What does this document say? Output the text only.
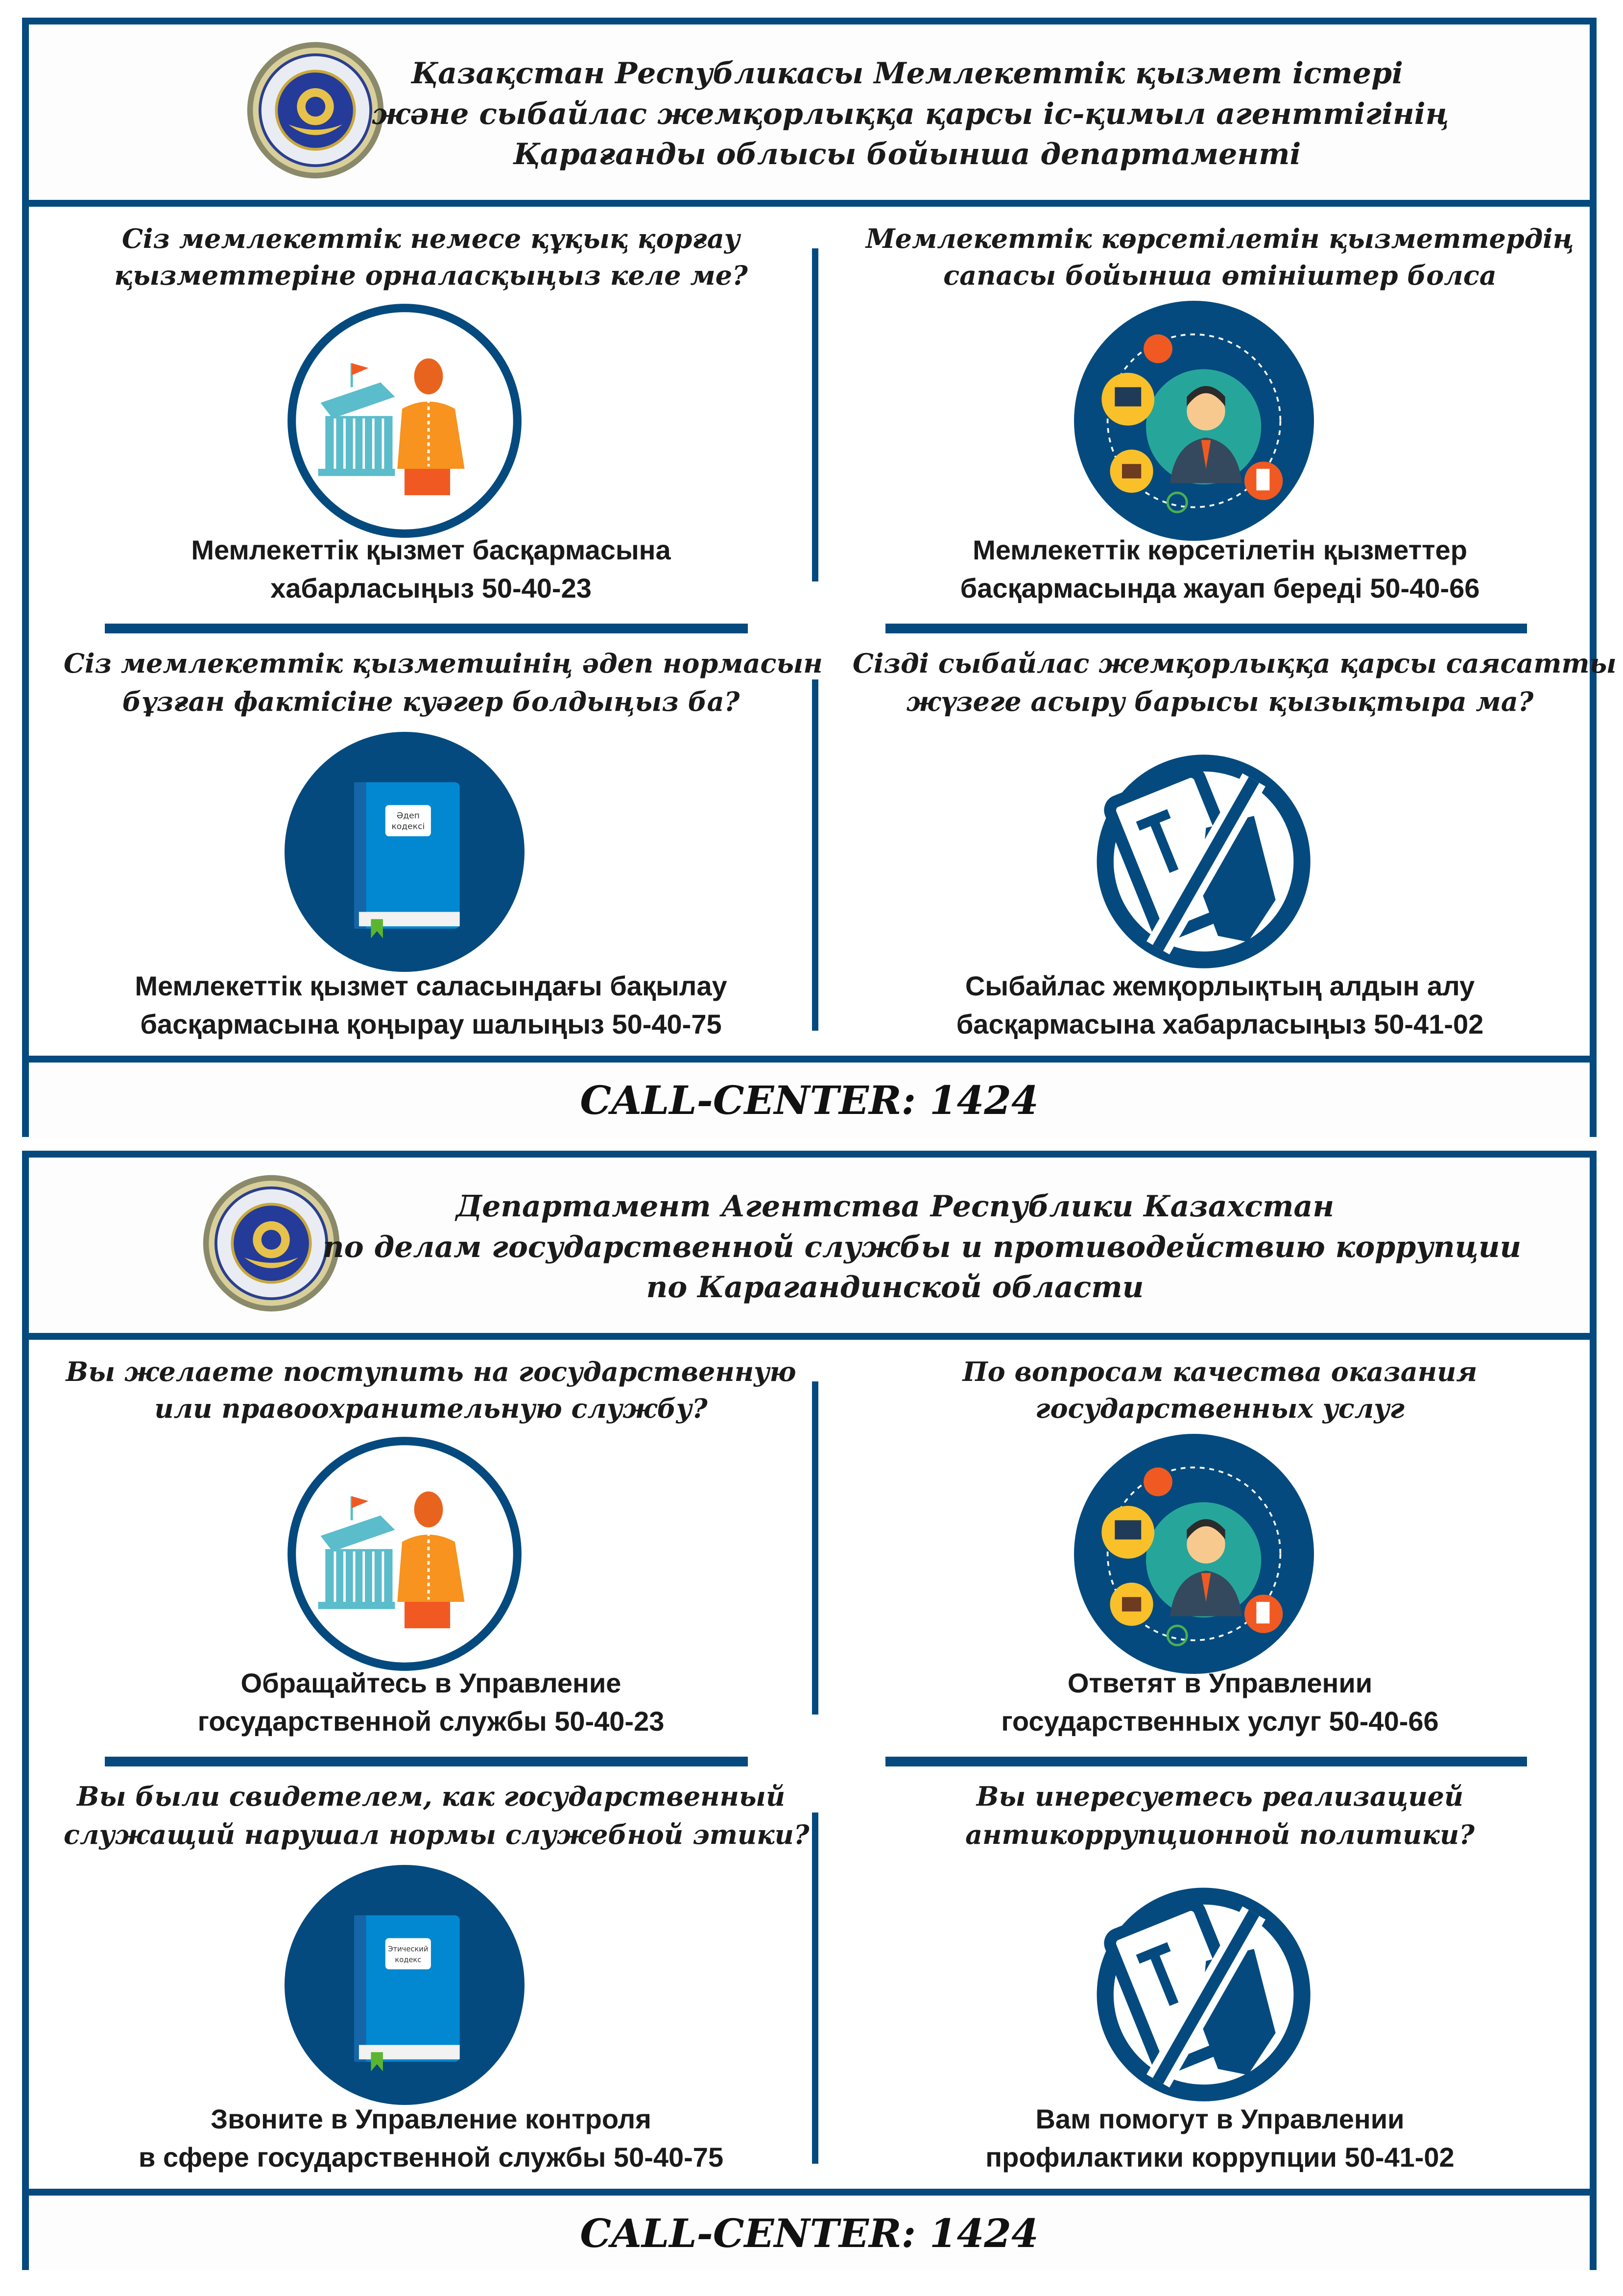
Қазақстан Республикасы Мемлекеттік қызмет істері
және сыбайлас жемқорлыққа қарсы іс-қимыл агенттігінің
Қарағанды облысы бойынша департаменті
Сіз мемлекеттік немесе құқық қорғау
қызметтеріне орналасқыңыз келе ме?
Мемлекеттік қызмет басқармасына
хабарласыңыз 50-40-23
Мемлекеттік көрсетілетін қызметтердің
сапасы бойынша өтініштер болса
Мемлекеттік көрсетілетін қызметтер
басқармасында жауап береді 50-40-66
Сіз мемлекеттік қызметшінің әдеп нормасын
бұзған фактісіне куәгер болдыңыз ба?
Әдеп
кодексі
Мемлекеттік қызмет саласындағы бақылау
басқармасына қоңырау шалыңыз 50-40-75
Сізді сыбайлас жемқорлыққа қарсы саясатты
жүзеге асыру барысы қызықтыра ма?
Сыбайлас жемқорлықтың алдын алу
басқармасына хабарласыңыз 50-41-02
CALL-CENTER: 1424
Департамент Агентства Республики Казахстан
по делам государственной службы и противодействию коррупции
по Карагандинской области
Вы желаете поступить на государственную
или правоохранительную службу?
Обращайтесь в Управление
государственной службы 50-40-23
По вопросам качества оказания
государственных услуг
Ответят в Управлении
государственных услуг 50-40-66
Вы были свидетелем, как государственный
служащий нарушал нормы служебной этики?
Этический
кодекс
Звоните в Управление контроля
в сфере государственной службы 50-40-75
Вы инересуетесь реализацией
антикоррупционной политики?
Вам помогут в Управлении
профилактики коррупции 50-41-02
CALL-CENTER: 1424
